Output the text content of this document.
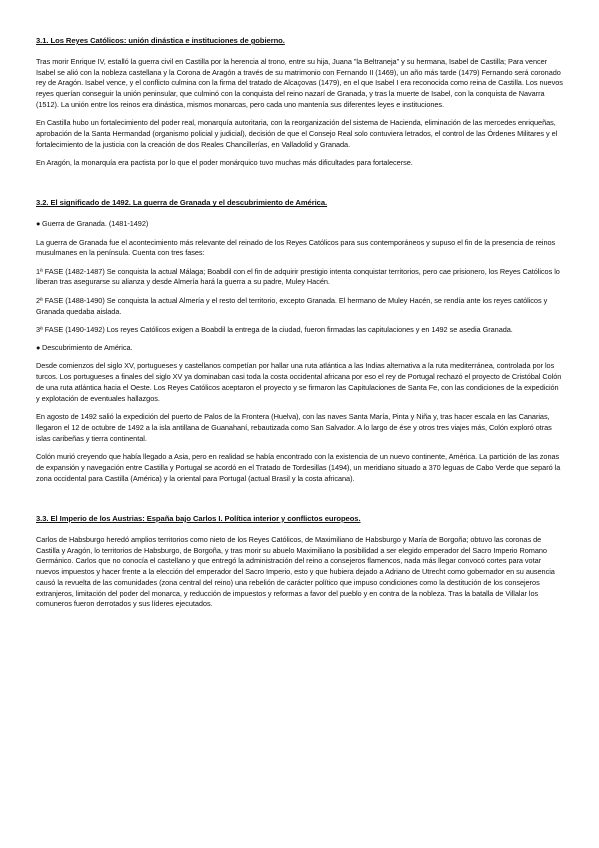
3.1. Los Reyes Católicos: unión dinástica e instituciones de gobierno.

Tras morir Enrique IV, estalló la guerra civil en Castilla por la herencia al trono, entre su hija, Juana "la Beltraneja" y su hermana, Isabel de Castilla; Para vencer Isabel se alió con la nobleza castellana y la Corona de Aragón a través de su matrimonio con Fernando II (1469), un año más tarde (1479) Fernando será coronado rey de Aragón. Isabel vence, y el conflicto culmina con la firma del tratado de Alcaçovas (1479), en el que Isabel I era reconocida como reina de Castilla. Los nuevos reyes querían conseguir la unión peninsular, que culminó con la conquista del reino nazarí de Granada, y tras la muerte de Isabel, con la conquista de Navarra (1512). La unión entre los reinos era dinástica, mismos monarcas, pero cada uno mantenía sus diferentes leyes e instituciones.

En Castilla hubo un fortalecimiento del poder real, monarquía autoritaria, con la reorganización del sistema de Hacienda, eliminación de las mercedes enriqueñas, aprobación de la Santa Hermandad (organismo policial y judicial), decisión de que el Consejo Real solo contuviera letrados, el control de las Órdenes Militares y el fortalecimiento de la justicia con la creación de dos Reales Chancillerías, en Valladolid y Granada.

En Aragón, la monarquía era pactista por lo que el poder monárquico tuvo muchas más dificultades para fortalecerse.

3.2. El significado de 1492. La guerra de Granada y el descubrimiento de América.

● Guerra de Granada. (1481-1492)

La guerra de Granada fue el acontecimiento más relevante del reinado de los Reyes Católicos para sus contemporáneos y supuso el fin de la presencia de reinos musulmanes en la península. Cuenta con tres fases:

1ª FASE (1482-1487) Se conquista la actual Málaga; Boabdil con el fin de adquirir prestigio intenta conquistar territorios, pero cae prisionero, los Reyes Católicos lo liberan tras asegurarse su alianza y desde Almería hará la guerra a su padre, Muley Hacén.

2ª FASE (1488-1490) Se conquista la actual Almería y el resto del territorio, excepto Granada. El hermano de Muley Hacén, se rendía ante los reyes católicos y Granada quedaba aislada.

3ª FASE (1490-1492) Los reyes Católicos exigen a Boabdil la entrega de la ciudad, fueron firmadas las capitulaciones y en 1492 se asedia Granada.

● Descubrimiento de América.

Desde comienzos del siglo XV, portugueses y castellanos competían por hallar una ruta atlántica a las Indias alternativa a la ruta mediterránea, controlada por los turcos. Los portugueses a finales del siglo XV ya dominaban casi toda la costa occidental africana por eso el rey de Portugal rechazó el proyecto de Cristóbal Colón de una ruta atlántica hacia el Oeste. Los Reyes Católicos aceptaron el proyecto y se firmaron las Capitulaciones de Santa Fe, con las condiciones de la expedición y explotación de eventuales hallazgos.

En agosto de 1492 salió la expedición del puerto de Palos de la Frontera (Huelva), con las naves Santa María, Pinta y Niña y, tras hacer escala en las Canarias, llegaron el 12 de octubre de 1492 a la isla antillana de Guanahaní, rebautizada como San Salvador. A lo largo de ése y otros tres viajes más, Colón exploró otras islas caribeñas y tierra continental.

Colón murió creyendo que había llegado a Asia, pero en realidad se había encontrado con la existencia de un nuevo continente, América. La partición de las zonas de expansión y navegación entre Castilla y Portugal se acordó en el Tratado de Tordesillas (1494), un meridiano situado a 370 leguas de Cabo Verde que separó la zona occidental para Castilla (América) y la oriental para Portugal (actual Brasil y la costa africana).

3.3. El Imperio de los Austrias: España bajo Carlos I. Política interior y conflictos europeos.

Carlos de Habsburgo heredó amplios territorios como nieto de los Reyes Católicos, de Maximiliano de Habsburgo y María de Borgoña; obtuvo las coronas de Castilla y Aragón, lo territorios de Habsburgo, de Borgoña, y tras morir su abuelo Maximiliano la posibilidad a ser elegido emperador del Sacro Imperio Romano Germánico. Carlos que no conocía el castellano y que entregó la administración del reino a consejeros flamencos, nada más llegar convocó cortes para votar nuevos impuestos y hacer frente a la elección del emperador del Sacro Imperio, esto y que hubiera dejado a Adriano de Utrecht como gobernador en su ausencia causó la revuelta de las comunidades (zona central del reino) una rebelión de carácter político que impuso condiciones como la destitución de los consejeros extranjeros, limitación del poder del monarca, y reducción de impuestos y reformas a favor del pueblo y en contra de la nobleza. Tras la batalla de Villalar los comuneros fueron derrotados y sus líderes ejecutados.
